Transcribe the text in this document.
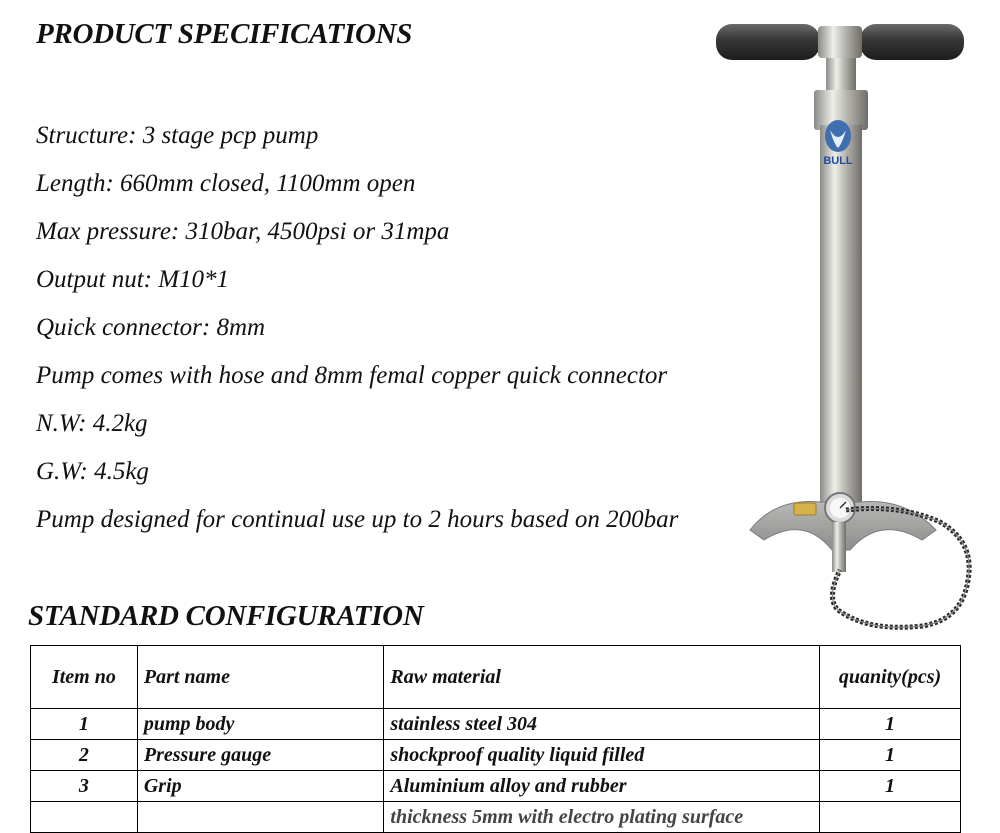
PRODUCT SPECIFICATIONS
Structure: 3 stage pcp pump
Length: 660mm closed, 1100mm open
Max pressure: 310bar, 4500psi or 31mpa
Output nut: M10*1
Quick connector: 8mm
Pump comes with hose and 8mm femal copper quick connector
N.W: 4.2kg
G.W: 4.5kg
Pump designed for continual use up to 2 hours based on 200bar
BULL
STANDARD CONFIGURATION
Item no	Part name	Raw material	quanity(pcs)
1	pump body	stainless steel 304	1
2	Pressure gauge	shockproof quality liquid filled	1
3	Grip	Aluminium alloy and rubber	1
		thickness 5mm with electro plating surface	
